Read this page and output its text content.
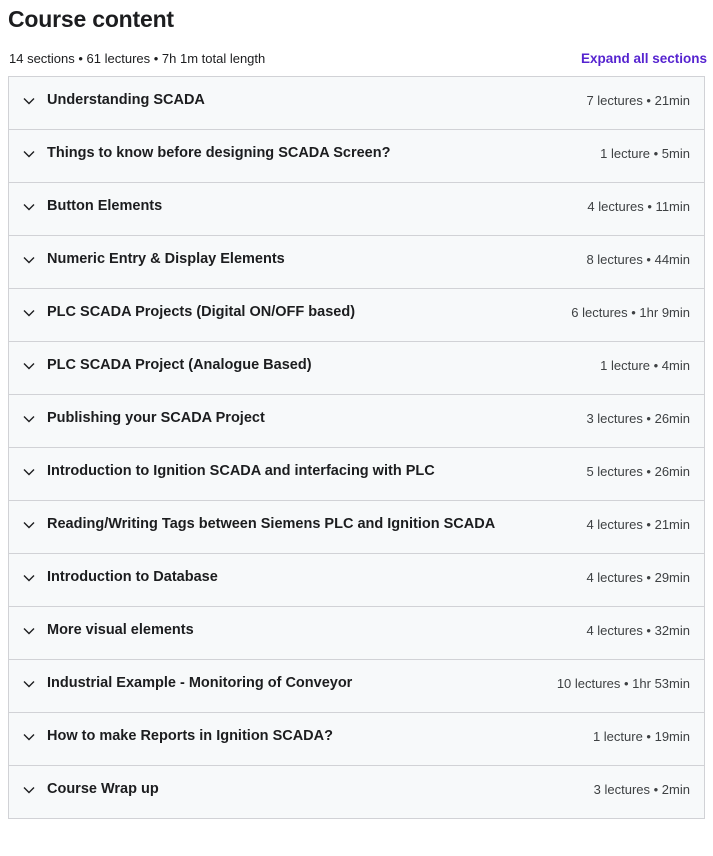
Course content
14 sections • 61 lectures • 7h 1m total length	Expand all sections
Understanding SCADA	7 lectures • 21min
Things to know before designing SCADA Screen?	1 lecture • 5min
Button Elements	4 lectures • 11min
Numeric Entry & Display Elements	8 lectures • 44min
PLC SCADA Projects (Digital ON/OFF based)	6 lectures • 1hr 9min
PLC SCADA Project (Analogue Based)	1 lecture • 4min
Publishing your SCADA Project	3 lectures • 26min
Introduction to Ignition SCADA and interfacing with PLC	5 lectures • 26min
Reading/Writing Tags between Siemens PLC and Ignition SCADA	4 lectures • 21min
Introduction to Database	4 lectures • 29min
More visual elements	4 lectures • 32min
Industrial Example - Monitoring of Conveyor	10 lectures • 1hr 53min
How to make Reports in Ignition SCADA?	1 lecture • 19min
Course Wrap up	3 lectures • 2min
